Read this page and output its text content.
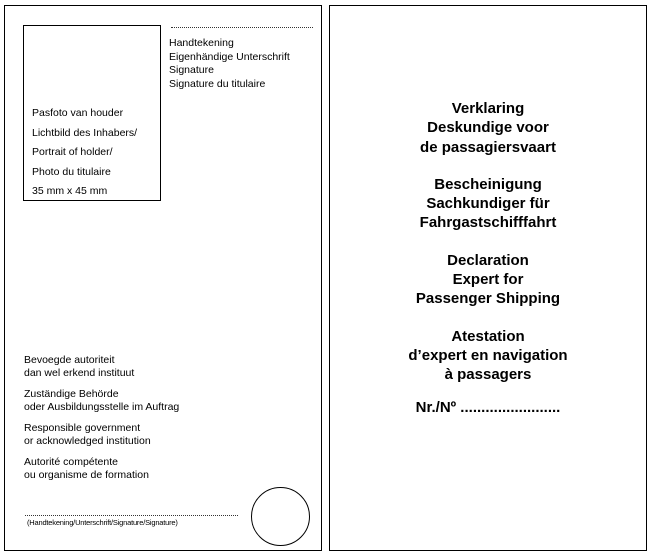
Pasfoto van houder
Lichtbild des Inhabers/
Portrait of holder/
Photo du titulaire
35 mm x 45 mm
Handtekening
Eigenhändige Unterschrift
Signature
Signature du titulaire
Bevoegde autoriteit
dan wel erkend instituut
Zuständige Behörde
oder Ausbildungsstelle im Auftrag
Responsible government
or acknowledged institution
Autorité compétente
ou organisme de formation
(Handtekening/Unterschrift/Signature/Signature)
Verklaring
Deskundige voor
de passagiersvaart
Bescheinigung
Sachkundiger für
Fahrgastschifffahrt
Declaration
Expert for
Passenger Shipping
Atestation
d’expert en navigation
à passagers
Nr./Nº ........................
